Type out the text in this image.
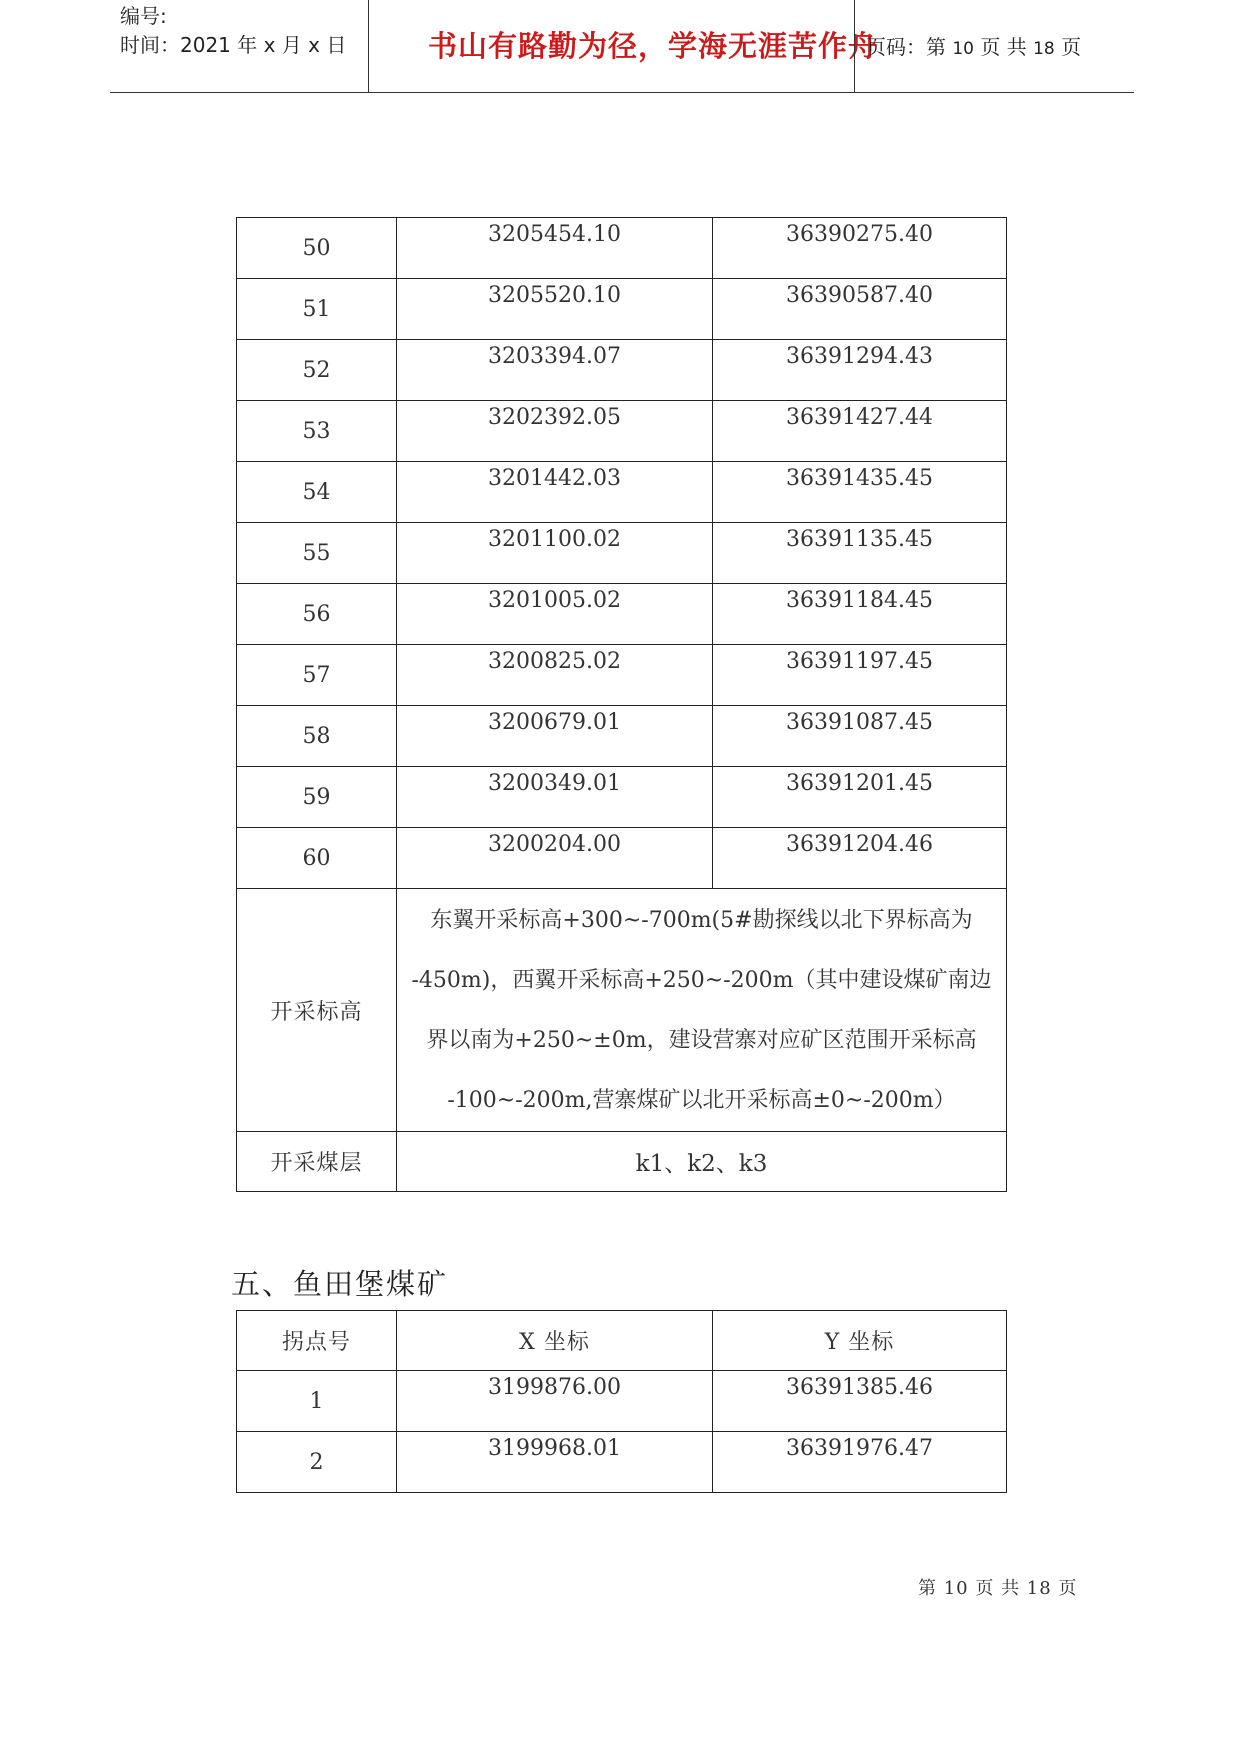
编号:
时间：2021 年 x 月 x 日	书山有路勤为径，学海无涯苦作舟
页码：第 10 页 共 18 页
50	3205454.10	36390275.40
51	3205520.10	36390587.40
52	3203394.07	36391294.43
53	3202392.05	36391427.44
54	3201442.03	36391435.45
55	3201100.02	36391135.45
56	3201005.02	36391184.45
57	3200825.02	36391197.45
58	3200679.01	36391087.45
59	3200349.01	36391201.45
60	3200204.00	36391204.46
开采标高	东翼开采标高+300~-700m(5#勘探线以北下界标高为
-450m)，西翼开采标高+250~-200m（其中建设煤矿南边
界以南为+250~±0m，建设营寨对应矿区范围开采标高
-100~-200m,营寨煤矿以北开采标高±0~-200m）	

开采煤层	k1、k2、k3	
五、鱼田堡煤矿
拐点号	X 坐标	Y 坐标
1	3199876.00	36391385.46
2	3199968.01	36391976.47
第 10 页 共 18 页
